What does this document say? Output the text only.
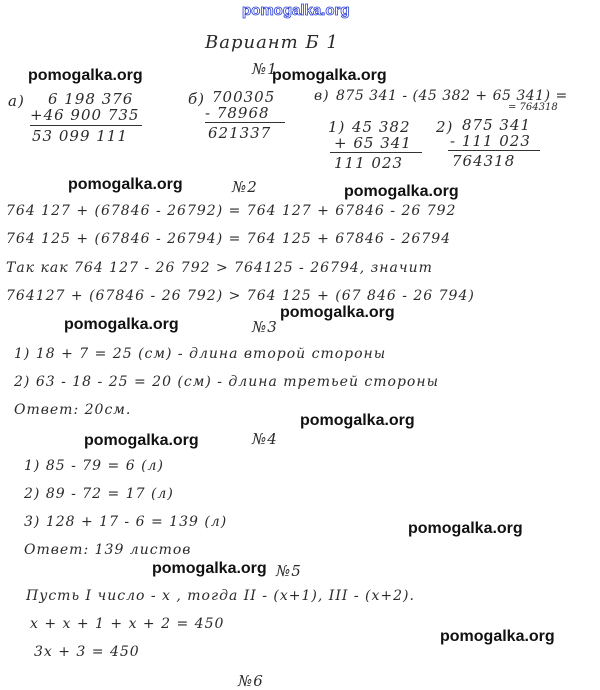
pomogalka.org
Вариант Б 1
№1
а) 6 198 376
+46 900 735
53 099 111
б) 700305
- 78968
621337
в) 875 341 - (45 382 + 65 341) =
= 764318
1) 45 382
+ 65 341
111 023
2) 875 341
- 111 023
764318
№2
764 127 + (67846 - 26792) = 764 127 + 67846 - 26 792
764 125 + (67846 - 26794) = 764 125 + 67846 - 26794
Так как 764 127 - 26 792 > 764125 - 26794, значит
764127 + (67846 - 26 792) > 764 125 + (67 846 - 26 794)
№3
1) 18 + 7 = 25 (см) - длина второй стороны
2) 63 - 18 - 25 = 20 (см) - длина третьей стороны
Ответ: 20см.
№4
1) 85 - 79 = 6 (л)
2) 89 - 72 = 17 (л)
3) 128 + 17 - 6 = 139 (л)
Ответ: 139 листов
№5
Пусть I число - x , тогда II - (x+1), III - (x+2).
x + x + 1 + x + 2 = 450
3x + 3 = 450
№6
pomogalka.org	pomogalka.org
pomogalka.org	pomogalka.org
pomogalka.org
pomogalka.org
pomogalka.org
pomogalka.org
pomogalka.org
pomogalka.org
pomogalka.org
